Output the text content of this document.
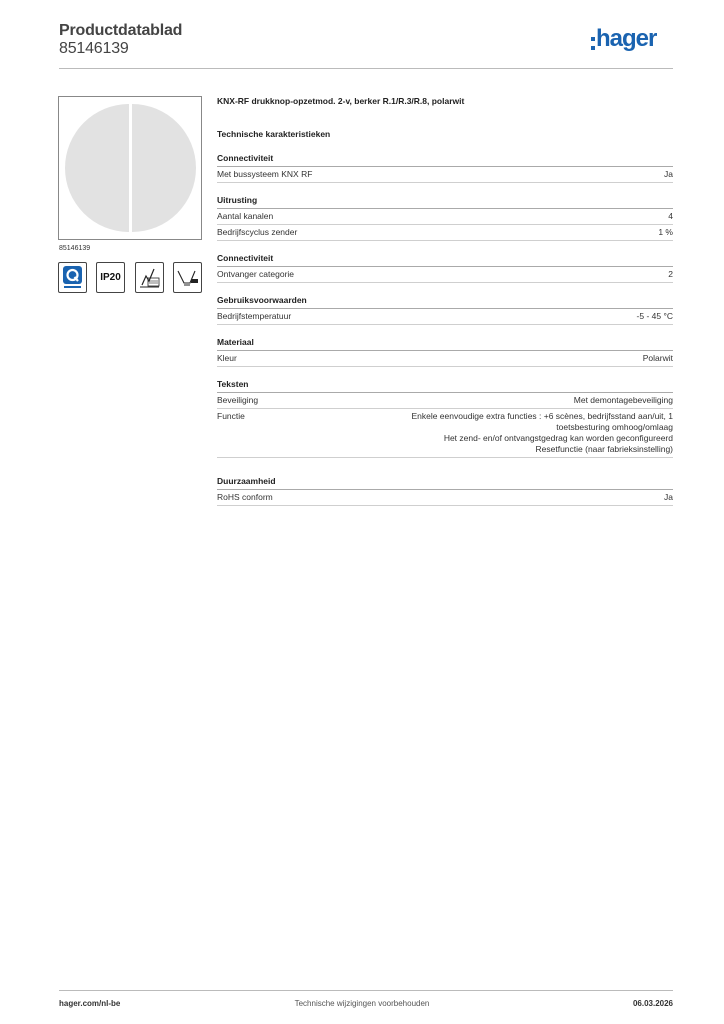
Productdatablad
85146139	hager
85146139
IP20
KNX-RF drukknop-opzetmod. 2-v, berker R.1/R.3/R.8, polarwit
Technische karakteristieken
Connectiviteit
Met bussysteem KNX RF	Ja
Uitrusting
Aantal kanalen	4
Bedrijfscyclus zender	1 %
Connectiviteit
Ontvanger categorie	2
Gebruiksvoorwaarden
Bedrijfstemperatuur	-5 - 45 °C
Materiaal
Kleur	Polarwit
Teksten
Beveiliging	Met demontagebeveiliging
Functie	Enkele eenvoudige extra functies : +6 scènes, bedrijfsstand aan/uit, 1
toetsbesturing omhoog/omlaag
Het zend- en/of ontvangstgedrag kan worden geconfigureerd
Resetfunctie (naar fabrieksinstelling)
Duurzaamheid
RoHS conform	Ja
hager.com/nl-be	Technische wijzigingen voorbehouden	06.03.2026
